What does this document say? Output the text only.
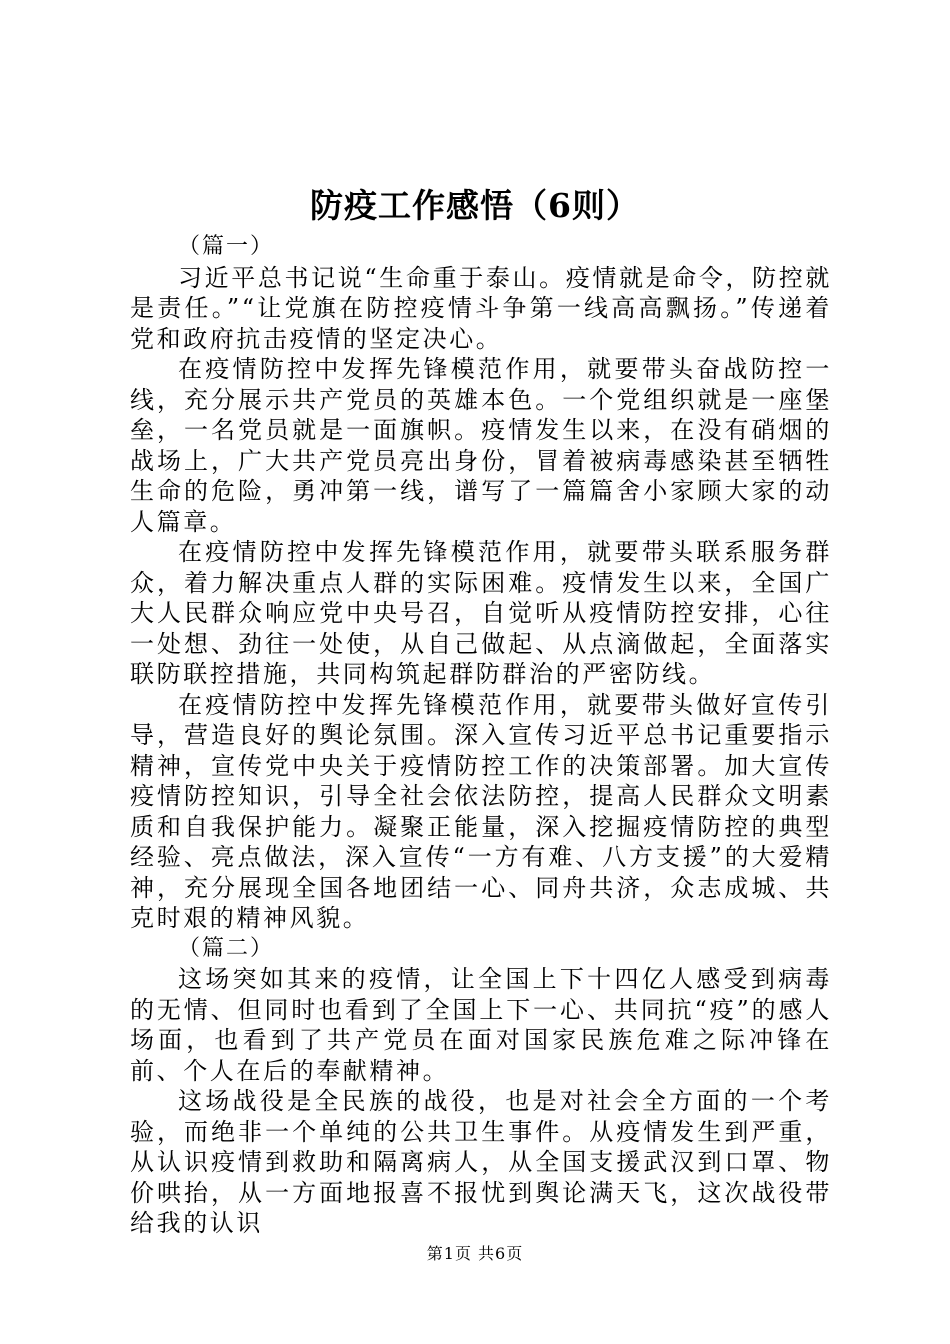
防疫工作感悟（6则）

（篇一）

习近平总书记说“生命重于泰山。疫情就是命令，防控就是责任。”“让党旗在防控疫情斗争第一线高高飘扬。”传递着党和政府抗击疫情的坚定决心。

在疫情防控中发挥先锋模范作用，就要带头奋战防控一线，充分展示共产党员的英雄本色。一个党组织就是一座堡垒，一名党员就是一面旗帜。疫情发生以来，在没有硝烟的战场上，广大共产党员亮出身份，冒着被病毒感染甚至牺牲生命的危险，勇冲第一线，谱写了一篇篇舍小家顾大家的动人篇章。

在疫情防控中发挥先锋模范作用，就要带头联系服务群众，着力解决重点人群的实际困难。疫情发生以来，全国广大人民群众响应党中央号召，自觉听从疫情防控安排，心往一处想、劲往一处使，从自己做起、从点滴做起，全面落实联防联控措施，共同构筑起群防群治的严密防线。

在疫情防控中发挥先锋模范作用，就要带头做好宣传引导，营造良好的舆论氛围。深入宣传习近平总书记重要指示精神，宣传党中央关于疫情防控工作的决策部署。加大宣传疫情防控知识，引导全社会依法防控，提高人民群众文明素质和自我保护能力。凝聚正能量，深入挖掘疫情防控的典型经验、亮点做法，深入宣传“一方有难、八方支援”的大爱精神，充分展现全国各地团结一心、同舟共济，众志成城、共克时艰的精神风貌。

（篇二）

这场突如其来的疫情，让全国上下十四亿人感受到病毒的无情、但同时也看到了全国上下一心、共同抗“疫”的感人场面，也看到了共产党员在面对国家民族危难之际冲锋在前、个人在后的奉献精神。

这场战役是全民族的战役，也是对社会全方面的一个考验，而绝非一个单纯的公共卫生事件。从疫情发生到严重，从认识疫情到救助和隔离病人，从全国支援武汉到口罩、物价哄抬，从一方面地报喜不报忧到舆论满天飞，这次战役带给我的认识

第1页 共6页
